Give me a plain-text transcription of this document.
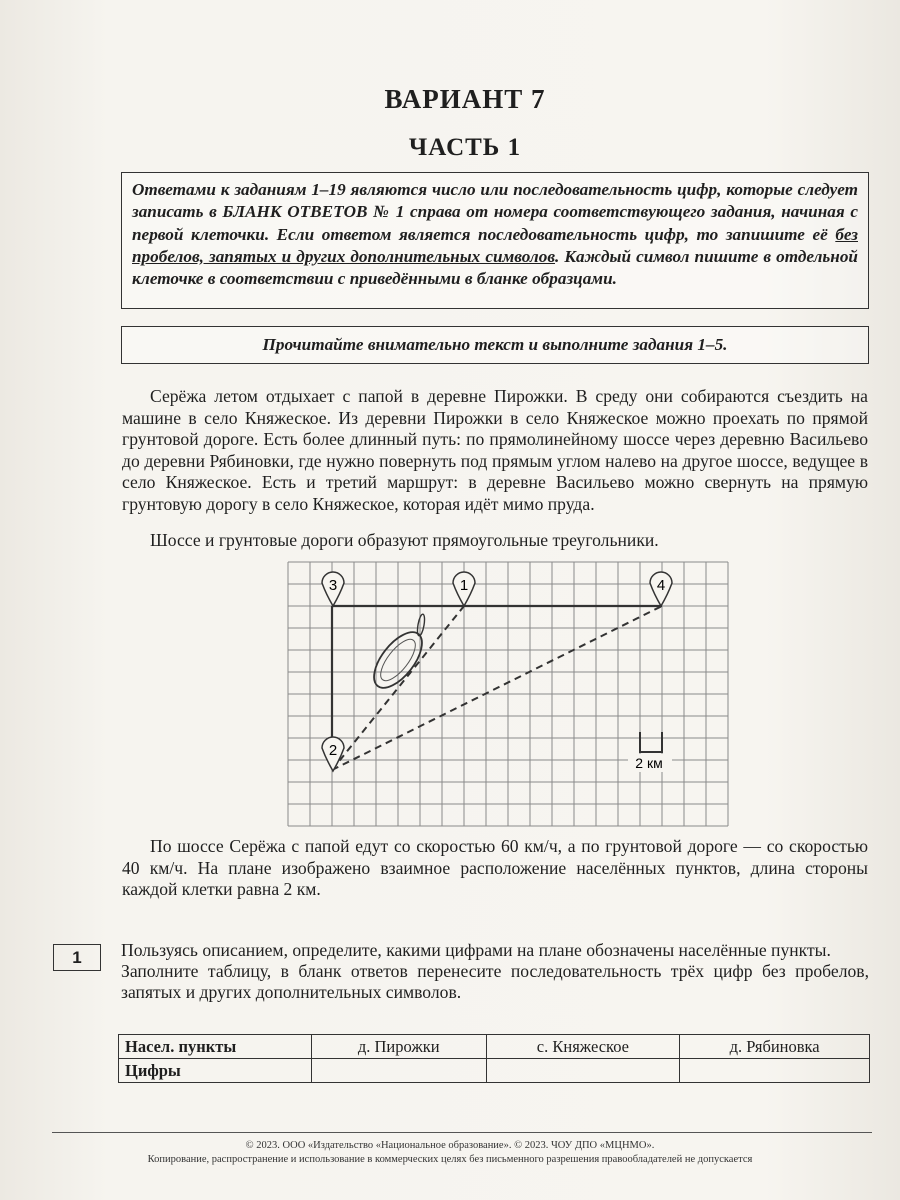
ВАРИАНТ 7
ЧАСТЬ 1
Ответами к заданиям 1–19 являются число или последовательность цифр, которые следует записать в БЛАНК ОТВЕТОВ № 1 справа от номера соответствующего задания, начиная с первой клеточки. Если ответом является последовательность цифр, то запишите её без пробелов, запятых и других дополнительных символов. Каждый символ пишите в отдельной клеточке в соответствии с приведёнными в бланке образцами.
Прочитайте внимательно текст и выполните задания 1–5.

Серёжа летом отдыхает с папой в деревне Пирожки. В среду они собираются съездить на машине в село Княжеское. Из деревни Пирожки в село Княжеское можно проехать по прямой грунтовой дороге. Есть более длинный путь: по прямолинейному шоссе через деревню Васильево до деревни Рябиновки, где нужно повернуть под прямым углом налево на другое шоссе, ведущее в село Княжеское. Есть и третий маршрут: в деревне Васильево можно свернуть на прямую грунтовую дорогу в село Княжеское, которая идёт мимо пруда.

Шоссе и грунтовые дороги образуют прямоугольные треугольники.

3	1	4
2
2 км

По шоссе Серёжа с папой едут со скоростью 60 км/ч, а по грунтовой дороге — со скоростью 40 км/ч. На плане изображено взаимное расположение населённых пунктов, длина стороны каждой клетки равна 2 км.

1	Пользуясь описанием, определите, какими цифрами на плане обозначены населённые пункты.

Заполните таблицу, в бланк ответов перенесите последовательность трёх цифр без пробелов, запятых и других дополнительных символов.

Насел. пункты	д. Пирожки	с. Княжеское	д. Рябиновка
Цифры			
© 2023. ООО «Издательство «Национальное образование». © 2023. ЧОУ ДПО «МЦНМО».
Копирование, распространение и использование в коммерческих целях без письменного разрешения правообладателей не допускается
